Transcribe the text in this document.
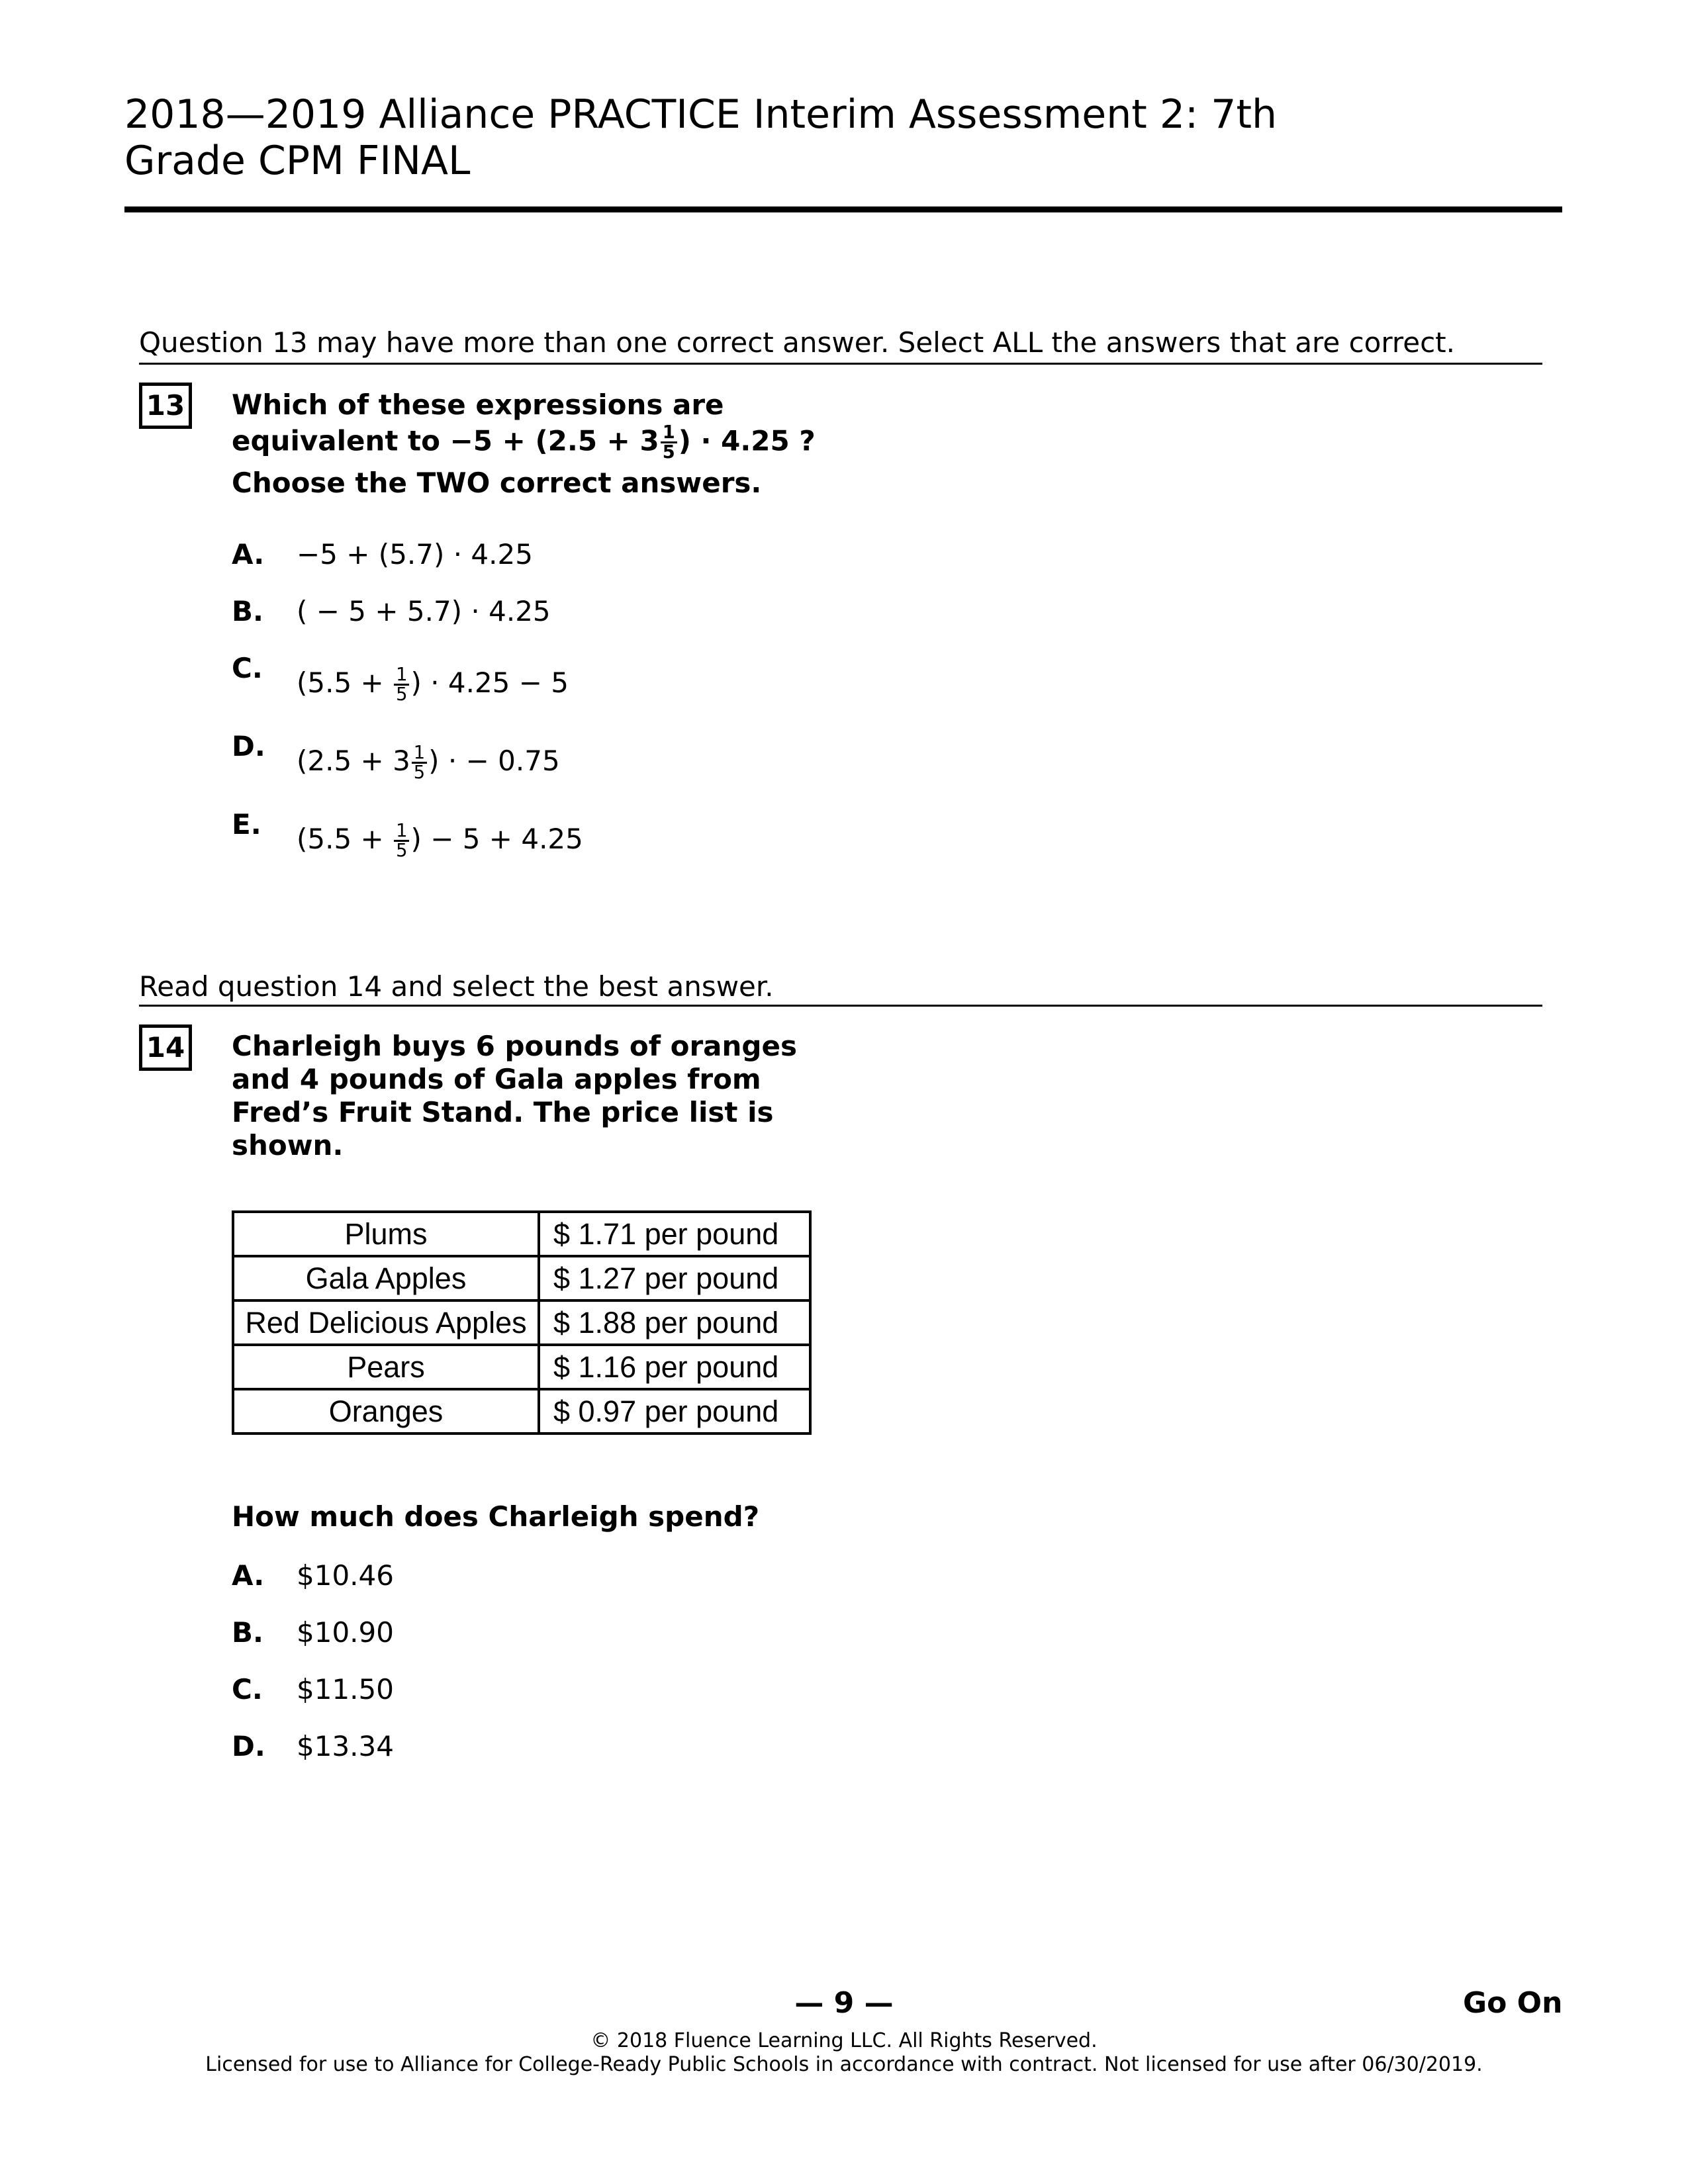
2018—2019 Alliance PRACTICE Interim Assessment 2: 7th
Grade CPM FINAL
Question 13 may have more than one correct answer. Select ALL the answers that are correct.
13 Which of these expressions are

equivalent to $-5 + (2.5 + 3 \frac{1}{5}$ ) · 4.25 ?

Choose the TWO correct answers.

A. −5 + (5.7) · 4.25
B. ( − 5 + 5.7) · 4.25
C. ($5.5 + \frac{1}{5}$ ) · 4.25 − 5
D. ($2.5 + 3 \frac{1}{5}$ ) · − 0.75
E. ($5.5 + \frac{1}{5}$ ) − 5 + 4.25
Read question 14 and select the best answer.
14 Charleigh buys 6 pounds of oranges

and 4 pounds of Gala apples from

Fred’s Fruit Stand. The price list is

shown.

Plums	$ 1.71 per pound
Gala Apples	$ 1.27 per pound
Red Delicious Apples	$ 1.88 per pound
Pears	$ 1.16 per pound
Oranges	$ 0.97 per pound
How much does Charleigh spend?
A. $10.46
B. $10.90
C. $11.50
D. $13.34
— 9 —	Go On
© 2018 Fluence Learning LLC. All Rights Reserved.
Licensed for use to Alliance for College-Ready Public Schools in accordance with contract. Not licensed for use after 06/30/2019.
